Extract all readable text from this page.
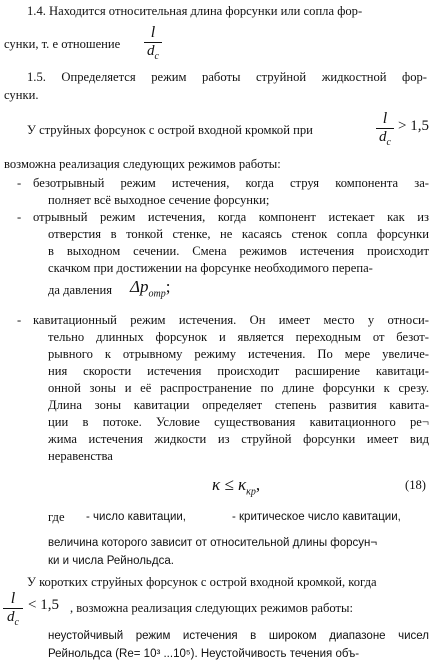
1.4. Находится относительная длина форсунки или сопла фор-
сунки, т. е отношение
l
$d_c$
1.5. Определяется режим работы струйной жидкостной фор-
сунки.
У струйных форсунок с острой входной кромкой при
l
$d_c$
> 1,5
возможна реализация следующих режимов работы:
- безотрывный режим истечения, когда струя компонента за-
полняет всё выходное сечение форсунки;
- отрывный режим истечения, когда компонент истекает как из
отверстия в тонкой стенке, не касаясь стенок сопла форсунки
в выходном сечении. Смена режимов истечения происходит
скачком при достижении на форсунке необходимого перепа-
да давления $\Delta p_{отр}$;
- кавитационный режим истечения. Он имеет место у относи-
тельно длинных форсунок и является переходным от безот-
рывного к отрывному режиму истечения. По мере увеличе-
ния скорости истечения происходит расширение кавитаци-
онной зоны и её распространение по длине форсунки к срезу.
Длина зоны кавитации определяет степень развития кавита-
ции в потоке. Условие существования кавитационного ре¬
жима истечения жидкости из струйной форсунки имеет вид
неравенства
$\kappa \le \kappa_{кр}$,	(18)
где - число кавитации,	- критическое число кавитации,
величина которого зависит от относительной длины форсун¬
ки и числа Рейнольдса.
У коротких струйных форсунок с острой входной кромкой, когда
l
$d_c$
< 1,5 , возможна реализация следующих режимов работы:
неустойчивый режим истечения в широком диапазоне чисел
Рейнольдса (Re= 10³ ...10⁵). Неустойчивость течения объ-
